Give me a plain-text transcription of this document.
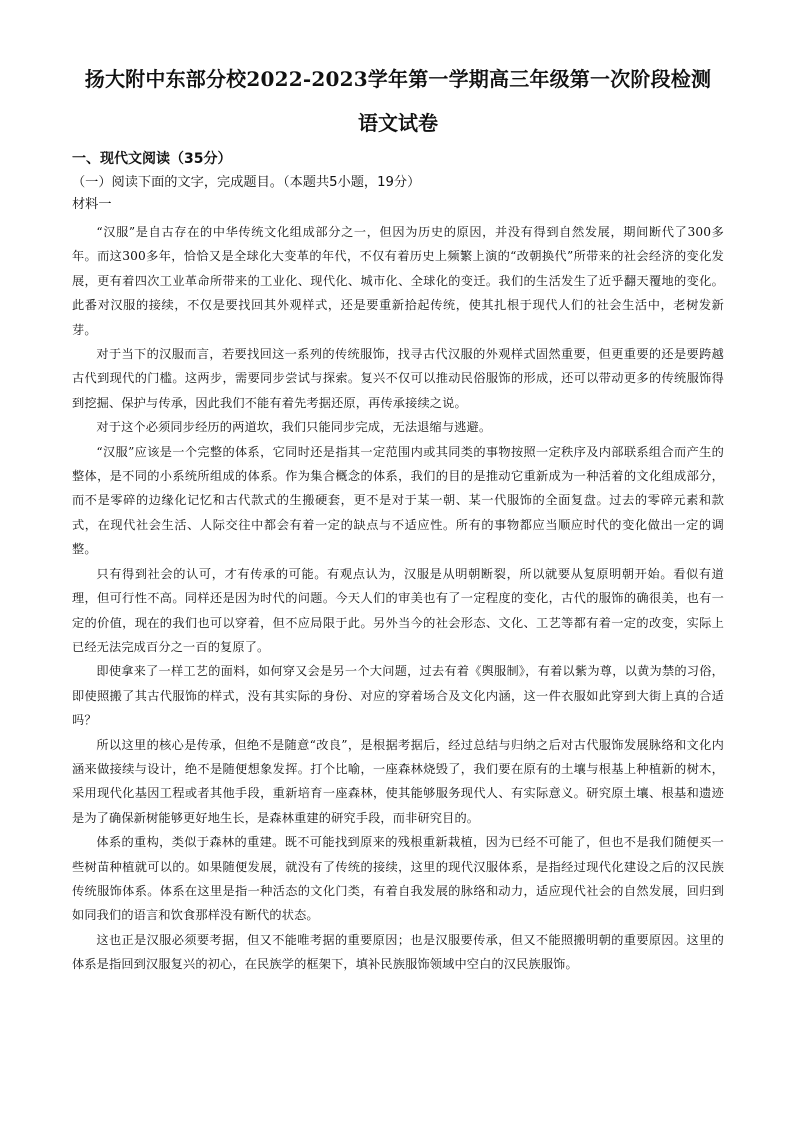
扬大附中东部分校2022-2023学年第一学期高三年级第一次阶段检测
语文试卷
一、现代文阅读（35分）
（一）阅读下面的文字，完成题目。（本题共5小题，19分）
材料一

“汉服”是自古存在的中华传统文化组成部分之一，但因为历史的原因，并没有得到自然发展，期间断代了300多年。而这300多年，恰恰又是全球化大变革的年代，不仅有着历史上频繁上演的“改朝换代”所带来的社会经济的变化发展，更有着四次工业革命所带来的工业化、现代化、城市化、全球化的变迁。我们的生活发生了近乎翻天覆地的变化。此番对汉服的接续，不仅是要找回其外观样式，还是要重新拾起传统，使其扎根于现代人们的社会生活中，老树发新芽。

对于当下的汉服而言，若要找回这一系列的传统服饰，找寻古代汉服的外观样式固然重要，但更重要的还是要跨越古代到现代的门槛。这两步，需要同步尝试与探索。复兴不仅可以推动民俗服饰的形成，还可以带动更多的传统服饰得到挖掘、保护与传承，因此我们不能有着先考据还原，再传承接续之说。

对于这个必须同步经历的两道坎，我们只能同步完成，无法退缩与逃避。

“汉服”应该是一个完整的体系，它同时还是指其一定范围内或其同类的事物按照一定秩序及内部联系组合而产生的整体，是不同的小系统所组成的体系。作为集合概念的体系，我们的目的是推动它重新成为一种活着的文化组成部分，而不是零碎的边缘化记忆和古代款式的生搬硬套，更不是对于某一朝、某一代服饰的全面复盘。过去的零碎元素和款式，在现代社会生活、人际交往中都会有着一定的缺点与不适应性。所有的事物都应当顺应时代的变化做出一定的调整。

只有得到社会的认可，才有传承的可能。有观点认为，汉服是从明朝断裂，所以就要从复原明朝开始。看似有道理，但可行性不高。同样还是因为时代的问题。今天人们的审美也有了一定程度的变化，古代的服饰的确很美，也有一定的价值，现在的我们也可以穿着，但不应局限于此。另外当今的社会形态、文化、工艺等都有着一定的改变，实际上已经无法完成百分之一百的复原了。

即使拿来了一样工艺的面料，如何穿又会是另一个大问题，过去有着《舆服制》，有着以紫为尊，以黄为禁的习俗，即使照搬了其古代服饰的样式，没有其实际的身份、对应的穿着场合及文化内涵，这一件衣服如此穿到大街上真的合适吗？

所以这里的核心是传承，但绝不是随意“改良”，是根据考据后，经过总结与归纳之后对古代服饰发展脉络和文化内涵来做接续与设计，绝不是随便想象发挥。打个比喻，一座森林烧毁了，我们要在原有的土壤与根基上种植新的树木，采用现代化基因工程或者其他手段，重新培育一座森林，使其能够服务现代人、有实际意义。研究原土壤、根基和遗迹是为了确保新树能够更好地生长，是森林重建的研究手段，而非研究目的。

体系的重构，类似于森林的重建。既不可能找到原来的残根重新栽植，因为已经不可能了，但也不是我们随便买一些树苗种植就可以的。如果随便发展，就没有了传统的接续，这里的现代汉服体系，是指经过现代化建设之后的汉民族传统服饰体系。体系在这里是指一种活态的文化门类，有着自我发展的脉络和动力，适应现代社会的自然发展，回归到如同我们的语言和饮食那样没有断代的状态。

这也正是汉服必须要考据，但又不能唯考据的重要原因；也是汉服要传承，但又不能照搬明朝的重要原因。这里的体系是指回到汉服复兴的初心，在民族学的框架下，填补民族服饰领域中空白的汉民族服饰。
